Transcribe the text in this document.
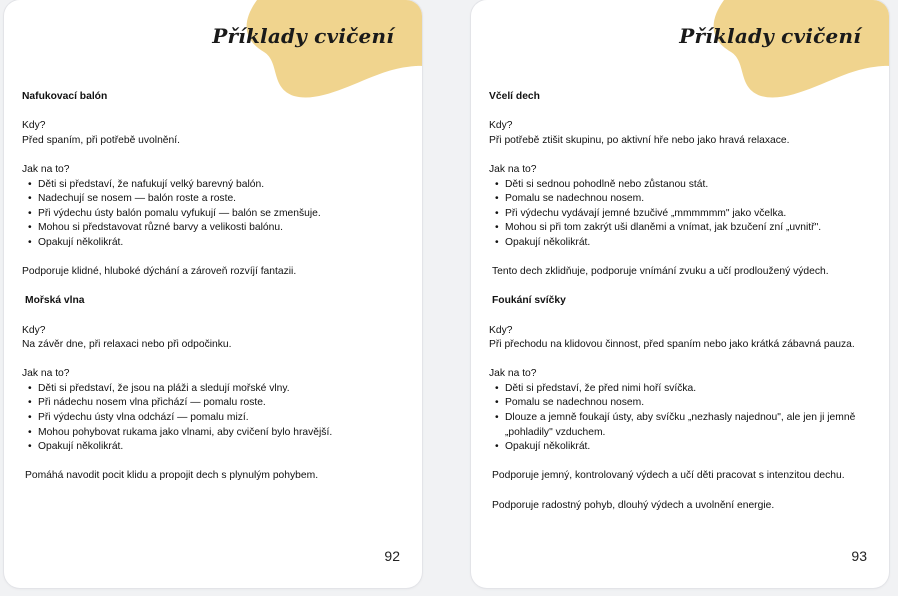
Příklady cvičení

Nafukovací balón

Kdy?

Před spaním, při potřebě uvolnění.

Jak na to?

• Děti si představí, že nafukují velký barevný balón.
• Nadechují se nosem — balón roste a roste.
• Při výdechu ústy balón pomalu vyfukují — balón se zmenšuje.
• Mohou si představovat různé barvy a velikosti balónu.
• Opakují několikrát.

Podporuje klidné, hluboké dýchání a zároveň rozvíjí fantazii.

Mořská vlna

Kdy?

Na závěr dne, při relaxaci nebo při odpočinku.

Jak na to?

• Děti si představí, že jsou na pláži a sledují mořské vlny.
• Při nádechu nosem vlna přichází — pomalu roste.
• Při výdechu ústy vlna odchází — pomalu mizí.
• Mohou pohybovat rukama jako vlnami, aby cvičení bylo hravější.
• Opakují několikrát.

Pomáhá navodit pocit klidu a propojit dech s plynulým pohybem.

92
Příklady cvičení

Včelí dech

Kdy?

Při potřebě ztišit skupinu, po aktivní hře nebo jako hravá relaxace.

Jak na to?

• Děti si sednou pohodlně nebo zůstanou stát.
• Pomalu se nadechnou nosem.
• Při výdechu vydávají jemné bzučivé „mmmmmm" jako včelka.
• Mohou si při tom zakrýt uši dlaněmi a vnímat, jak bzučení zní „uvnitř".
• Opakují několikrát.

Tento dech zklidňuje, podporuje vnímání zvuku a učí prodloužený výdech.

Foukání svíčky

Kdy?

Při přechodu na klidovou činnost, před spaním nebo jako krátká zábavná pauza.

Jak na to?

• Děti si představí, že před nimi hoří svíčka.
• Pomalu se nadechnou nosem.
• Dlouze a jemně foukají ústy, aby svíčku „nezhasly najednou", ale jen ji jemně „pohladily" vzduchem.
• Opakují několikrát.

Podporuje jemný, kontrolovaný výdech a učí děti pracovat s intenzitou dechu.

Podporuje radostný pohyb, dlouhý výdech a uvolnění energie.

93
